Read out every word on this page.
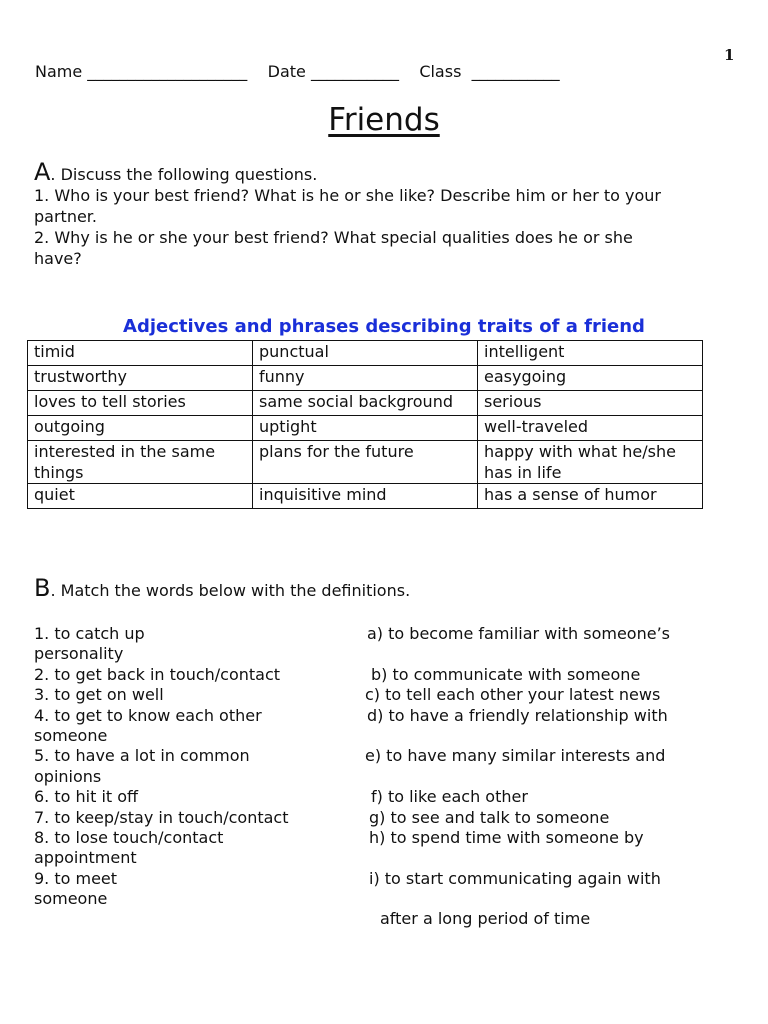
1
Name ____________________ Date ___________ Class  ___________
Friends
A. Discuss the following questions.
1. Who is your best friend? What is he or she like? Describe him or her to your
partner.
2. Why is he or she your best friend? What special qualities does he or she
have?
Adjectives and phrases describing traits of a friend
timid	punctual	intelligent
trustworthy	funny	easygoing
loves to tell stories	same social background	serious
outgoing	uptight	well-traveled
interested in the same things	plans for the future	happy with what he/she has in life
quiet	inquisitive mind	has a sense of humor
B. Match the words below with the definitions.
1. to catch up	a) to become familiar with someone’s
personality
2. to get back in touch/contact	b) to communicate with someone
3. to get on well	c) to tell each other your latest news
4. to get to know each other	d) to have a friendly relationship with
someone
5. to have a lot in common	e) to have many similar interests and
opinions
6. to hit it off	f) to like each other
7. to keep/stay in touch/contact	g) to see and talk to someone
8. to lose touch/contact	h) to spend time with someone by
appointment
9. to meet	i) to start communicating again with
someone
after a long period of time
